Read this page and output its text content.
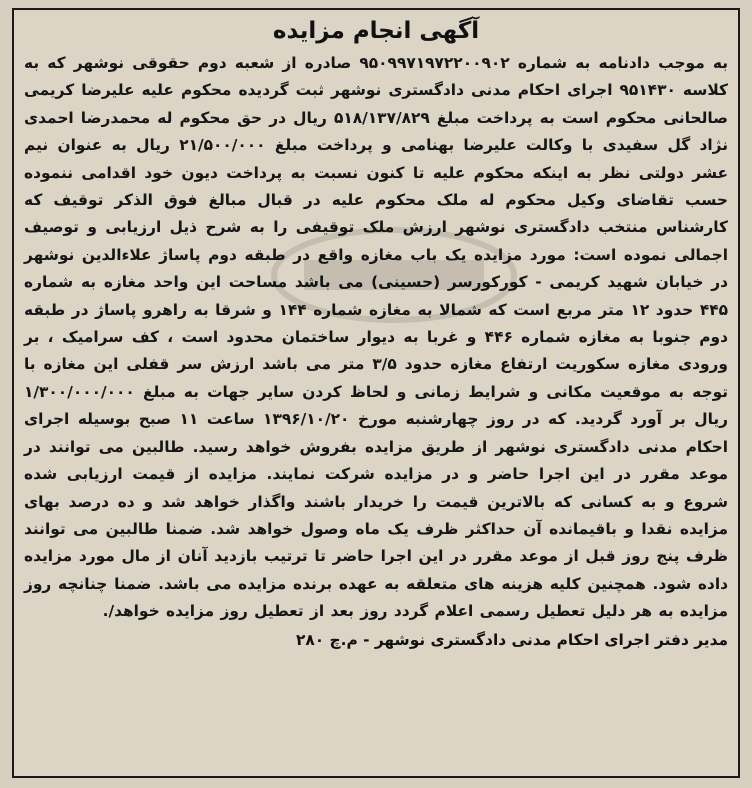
آگهی انجام مزایده
به موجب دادنامه به شماره ۹۵۰۹۹۷۱۹۷۲۲۰۰۹۰۲ صادره از شعبه دوم حقوقی نوشهر که به کلاسه ۹۵۱۴۳۰ اجرای احکام مدنی دادگستری نوشهر ثبت گردیده محکوم علیه علیرضا کریمی صالحانی محکوم است به پرداخت مبلغ ۵۱۸/۱۳۷/۸۲۹ ریال در حق محکوم له محمدرضا احمدی نژاد گل سفیدی با وکالت علیرضا بهنامی و پرداخت مبلغ ۲۱/۵۰۰/۰۰۰ ریال به عنوان نیم عشر دولتی نظر به اینکه محکوم علیه تا کنون نسبت به پرداخت دیون خود اقدامی ننموده حسب تقاضای وکیل محکوم له ملک محکوم علیه در قبال مبالغ فوق الذکر توقیف که کارشناس منتخب دادگستری نوشهر ارزش ملک توقیفی را به شرح ذیل ارزیابی و توصیف اجمالی نموده است: مورد مزایده یک باب مغازه واقع در طبقه دوم پاساژ علاءالدین نوشهر در خیابان شهید کریمی - کورکورسر (حسینی) می باشد مساحت این واحد مغازه به شماره ۴۴۵ حدود ۱۲ متر مربع است که شمالا به مغازه شماره ۱۴۴ و شرقا به راهرو پاساژ در طبقه دوم جنوبا به مغازه شماره ۴۴۶ و غربا به دیوار ساختمان محدود است ، کف سرامیک ، بر ورودی مغازه سکوریت ارتفاع مغازه حدود ۳/۵ متر می باشد ارزش سر قفلی این مغازه با توجه به موقعیت مکانی و شرایط زمانی و لحاظ کردن سایر جهات به مبلغ ۱/۳۰۰/۰۰۰/۰۰۰ ریال بر آورد گردید. که در روز چهارشنبه مورخ ۱۳۹۶/۱۰/۲۰ ساعت ۱۱ صبح بوسیله اجرای احکام مدنی دادگستری نوشهر از طریق مزایده بفروش خواهد رسید. طالبین می توانند در موعد مقرر در این اجرا حاضر و در مزایده شرکت نمایند. مزایده از قیمت ارزیابی شده شروع و به کسانی که بالاترین قیمت را خریدار باشند واگذار خواهد شد و ده درصد بهای مزایده نقدا و باقیمانده آن حداکثر ظرف یک ماه وصول خواهد شد. ضمنا طالبین می توانند ظرف پنج روز قبل از موعد مقرر در این اجرا حاضر تا ترتیب بازدید آنان از مال مورد مزایده داده شود. همچنین کلیه هزینه های متعلقه به عهده برنده مزایده می باشد. ضمنا چنانچه روز مزایده به هر دلیل تعطیل رسمی اعلام گردد روز بعد از تعطیل روز مزایده خواهد/.
مدیر دفتر اجرای احکام مدنی دادگستری نوشهر - م.چ ۲۸۰
